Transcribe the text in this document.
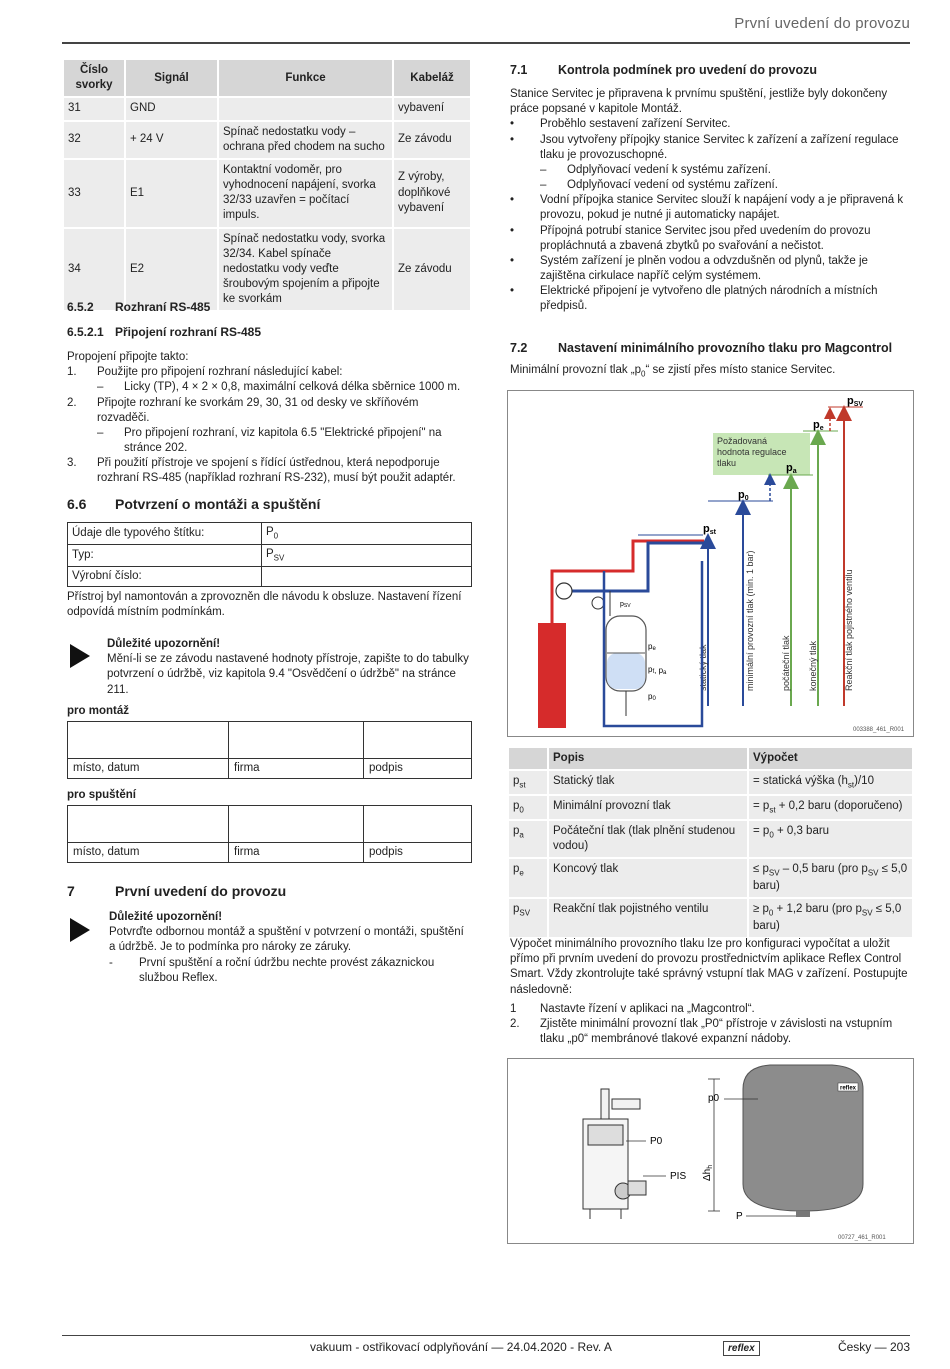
První uvedení do provozu
Číslo svorky	Signál	Funkce	Kabeláž
31	GND		vybavení
32	+ 24 V	Spínač nedostatku vody – ochrana před chodem na sucho	Ze závodu
33	E1	Kontaktní vodoměr, pro vyhodnocení napájení, svorka 32/33 uzavřen = počítací impuls.	Z výroby, doplňkové vybavení
34	E2	Spínač nedostatku vody, svorka 32/34. Kabel spínače nedostatku vody veďte šroubovým spojením a připojte ke svorkám	Ze závodu
6.5.2 Rozhraní RS-485
6.5.2.1 Připojení rozhraní RS-485
Propojení připojte takto:
1. Použijte pro připojení rozhraní následující kabel:
– Licky (TP), 4 × 2 × 0,8, maximální celková délka sběrnice 1000 m.
2. Připojte rozhraní ke svorkám 29, 30, 31 od desky ve skříňovém rozvaděči.
– Pro připojení rozhraní, viz kapitola 6.5 "Elektrické připojení" na stránce 202.
3. Při použití přístroje ve spojení s řídící ústřednou, která nepodporuje rozhraní RS-485 (například rozhraní RS-232), musí být použit adaptér.
6.6 Potvrzení o montáži a spuštění
Údaje dle typového štítku:	$P_0$
Typ:	$P_{SV}$
Výrobní číslo:	
Přístroj byl namontován a zprovozněn dle návodu k obsluze. Nastavení řízení odpovídá místním podmínkám.
Důležité upozornění!
Mění-li se ze závodu nastavené hodnoty přístroje, zapište to do tabulky potvrzení o údržbě, viz kapitola 9.4 "Osvědčení o údržbě" na stránce 211.
pro montáž

místo, datum	firma	podpis
pro spuštění

místo, datum	firma	podpis
7	První uvedení do provozu
Důležité upozornění!
Potvrďte odbornou montáž a spuštění v potvrzení o montáži, spuštění a údržbě. Je to podmínka pro nároky ze záruky.
- První spuštění a roční údržbu nechte provést zákaznickou službou Reflex.
7.1 Kontrola podmínek pro uvedení do provozu
Stanice Servitec je připravena k prvnímu spuštění, jestliže byly dokončeny práce popsané v kapitole Montáž.
• Proběhlo sestavení zařízení Servitec.
• Jsou vytvořeny přípojky stanice Servitec k zařízení a zařízení regulace tlaku je provozuschopné.
– Odplyňovací vedení k systému zařízení.
– Odplyňovací vedení od systému zařízení.
• Vodní přípojka stanice Servitec slouží k napájení vody a je připravená k provozu, pokud je nutné ji automaticky napájet.
• Přípojná potrubí stanice Servitec jsou před uvedením do provozu propláchnutá a zbavená zbytků po svařování a nečistot.
• Systém zařízení je plněn vodou a odvzdušněn od plynů, takže je zajištěna cirkulace napříč celým systémem.
• Elektrické připojení je vytvořeno dle platných národních a místních předpisů.
7.2 Nastavení minimálního provozního tlaku pro Magcontrol
Minimální provozní tlak $„p_0“$ se zjistí přes místo stanice Servitec.
Požadovaná
hodnota regulace
tlaku
pst
p0
pa
pe
pSV
statický tlak	minimální provozní tlak (min. 1 bar)	počáteční tlak konečný tlak	Reakční tlak pojistného ventilu
pSV
pe
pf, pa
p0
003388_461_R001
	Popis	Výpočet
$p_{st}$	Statický tlak	= statická výška $(h_{st})/10$
$p_0$	Minimální provozní tlak	= $p_{st} + 0,2$ baru (doporučeno)
$p_a$	Počáteční tlak (tlak plnění studenou vodou)	= $p_0 + 0,3$ baru
$p_e$	Koncový tlak	≤ $p_{SV} - 0,5$ baru (pro $p_{SV} \le 5,0$ baru)
$p_{SV}$	Reakční tlak pojistného ventilu	≥ $p_0 + 1,2$ baru (pro $p_{SV} \le 5,0$ baru)
Výpočet minimálního provozního tlaku lze pro konfiguraci vypočítat a uložit přímo při prvním uvedení do provozu prostřednictvím aplikace Reflex Control Smart. Vždy zkontrolujte také správný vstupní tlak MAG v zařízení. Postupujte následovně:
1 Nastavte řízení v aplikaci na „Magcontrol“.
2. Zjistěte minimální provozní tlak „P0“ přístroje v závislosti na vstupním tlaku „p0“ membránové tlakové expanzní nádoby.
P0
PIS $\Delta h_h$
reflex
p0
P
00727_461_R001
vakuum - ostřikovací odplyňování — 24.04.2020 - Rev. A	reflex	Česky — 203
